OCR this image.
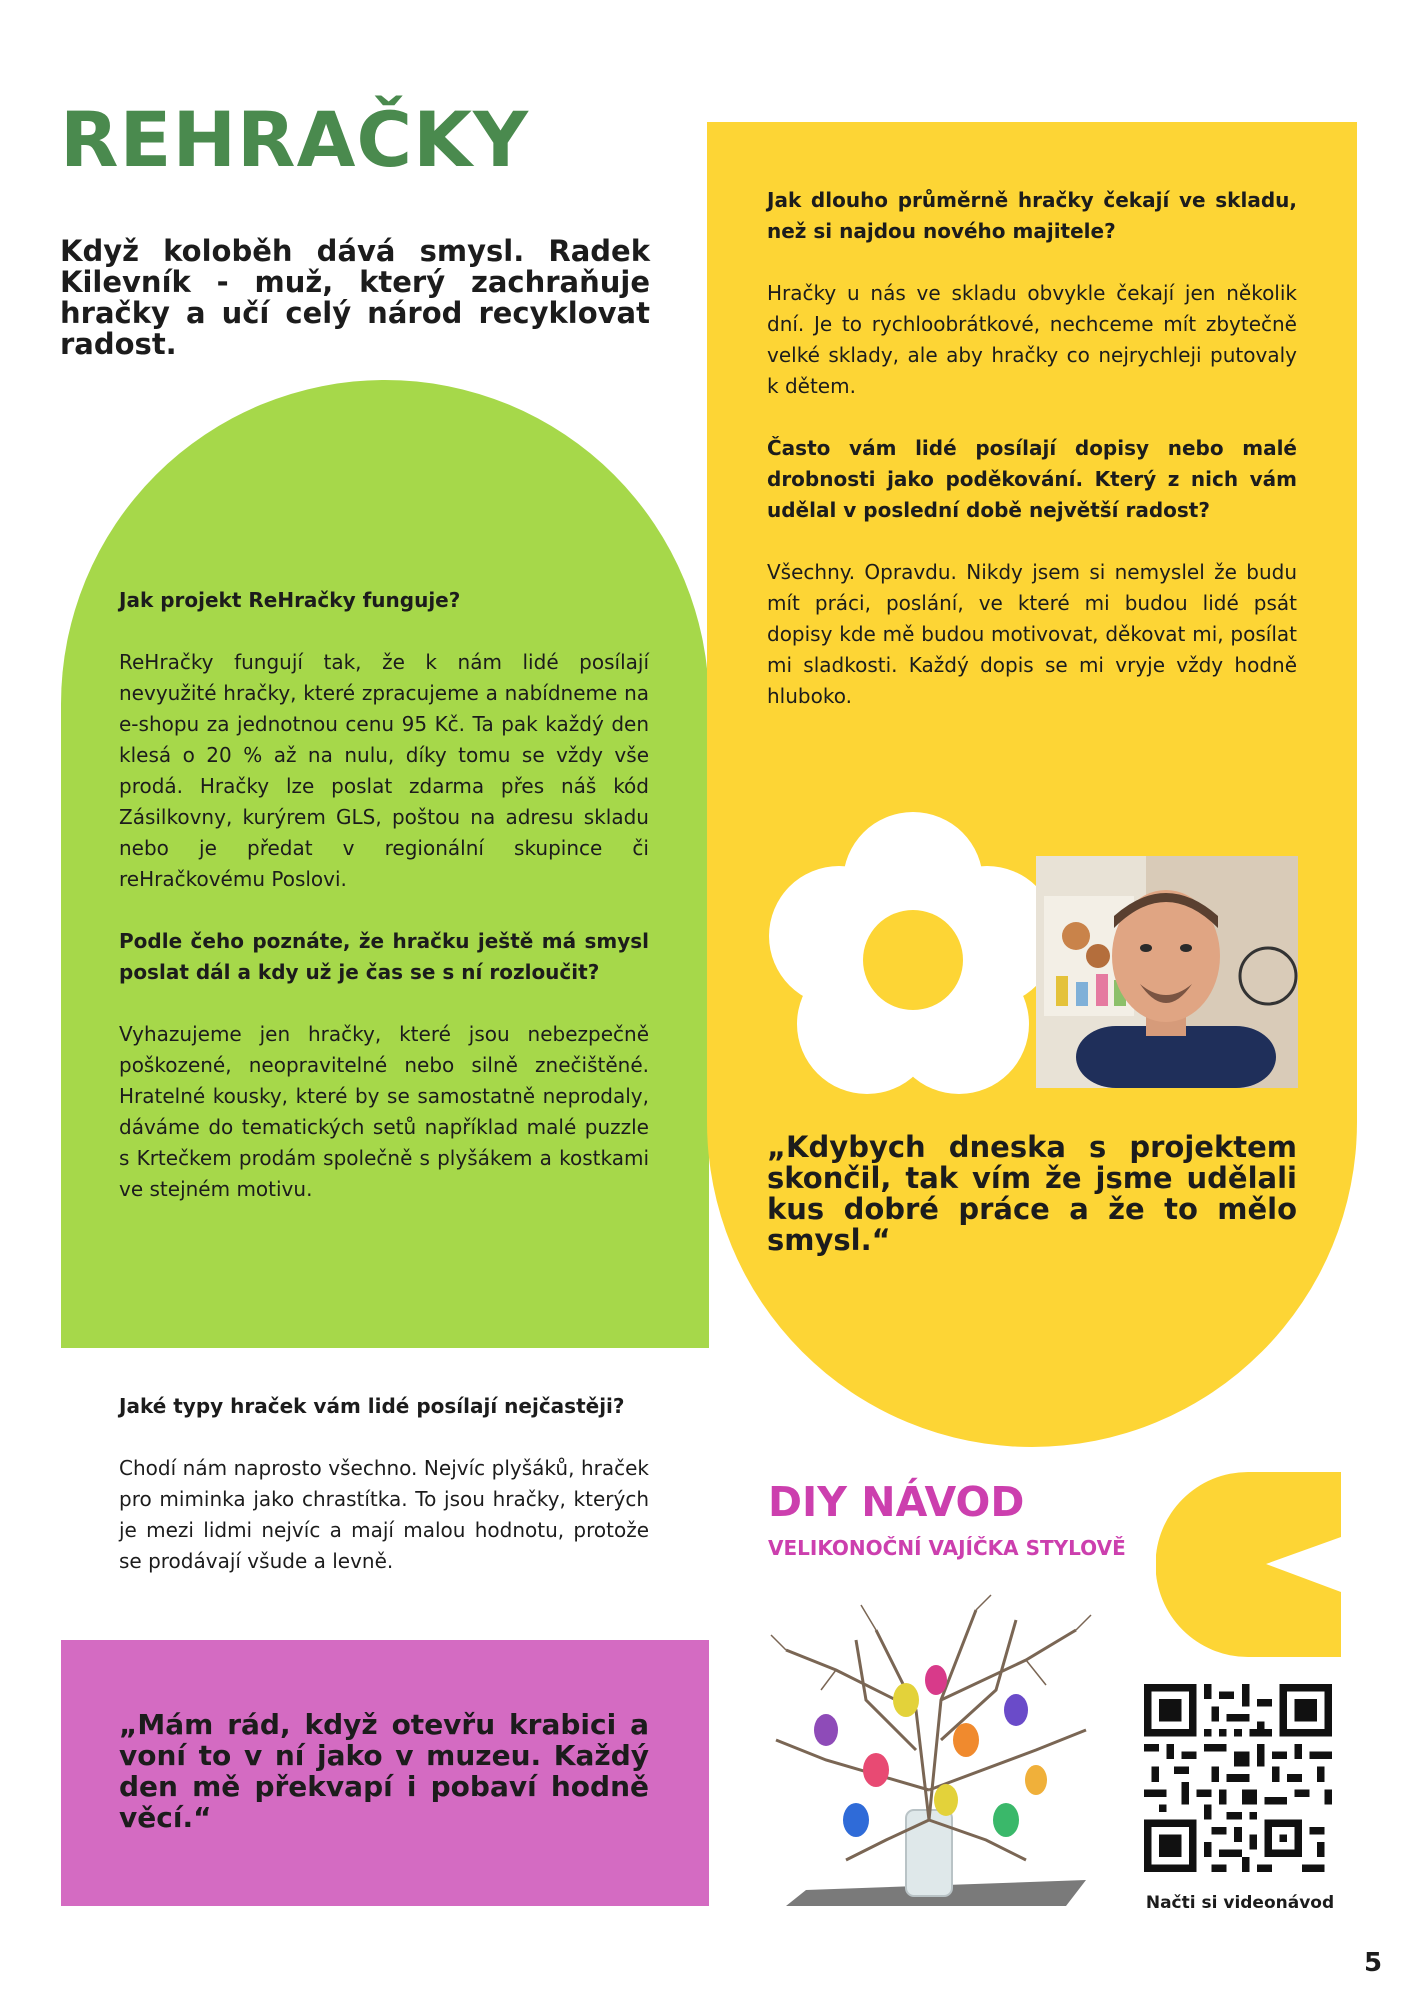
REHRAČKY

Když koloběh dává smysl. Radek Kilevník - muž, který zachraňuje hračky a učí celý národ recyklovat radost.

Jak projekt ReHračky funguje?

ReHračky fungují tak, že k nám lidé posílají nevyužité hračky, které zpracujeme a nabídneme na e-shopu za jednotnou cenu 95 Kč. Ta pak každý den klesá o 20 % až na nulu, díky tomu se vždy vše prodá. Hračky lze poslat zdarma přes náš kód Zásilkovny, kurýrem GLS, poštou na adresu skladu nebo je předat v regionální skupince či reHračkovému Poslovi.

Podle čeho poznáte, že hračku ještě má smysl poslat dál a kdy už je čas se s ní rozloučit?

Vyhazujeme jen hračky, které jsou nebezpečně poškozené, neopravitelné nebo silně znečištěné. Hratelné kousky, které by se samostatně neprodaly, dáváme do tematických setů například malé puzzle s Krtečkem prodám společně s plyšákem a kostkami ve stejném motivu.

Jak dlouho průměrně hračky čekají ve skladu, než si najdou nového majitele?

Hračky u nás ve skladu obvykle čekají jen několik dní. Je to rychloobrátkové, nechceme mít zbytečně velké sklady, ale aby hračky co nejrychleji putovaly k dětem.

Často vám lidé posílají dopisy nebo malé drobnosti jako poděkování. Který z nich vám udělal v poslední době největší radost?

Všechny. Opravdu. Nikdy jsem si nemyslel že budu mít práci, poslání, ve které mi budou lidé psát dopisy kde mě budou motivovat, děkovat mi, posílat mi sladkosti. Každý dopis se mi vryje vždy hodně hluboko.

„Kdybych dneska s projektem skončil, tak vím že jsme udělali kus dobré práce a že to mělo smysl.“

Jaké typy hraček vám lidé posílají nejčastěji?

Chodí nám naprosto všechno. Nejvíc plyšáků, hraček pro miminka jako chrastítka. To jsou hračky, kterých je mezi lidmi nejvíc a mají malou hodnotu, protože se prodávají všude a levně.

„Mám rád, když otevřu krabici a voní to v ní jako v muzeu. Každý den mě překvapí i pobaví hodně věcí.“

DIY NÁVOD

VELIKONOČNÍ VAJÍČKA STYLOVĚ

Načti si videonávod

5
